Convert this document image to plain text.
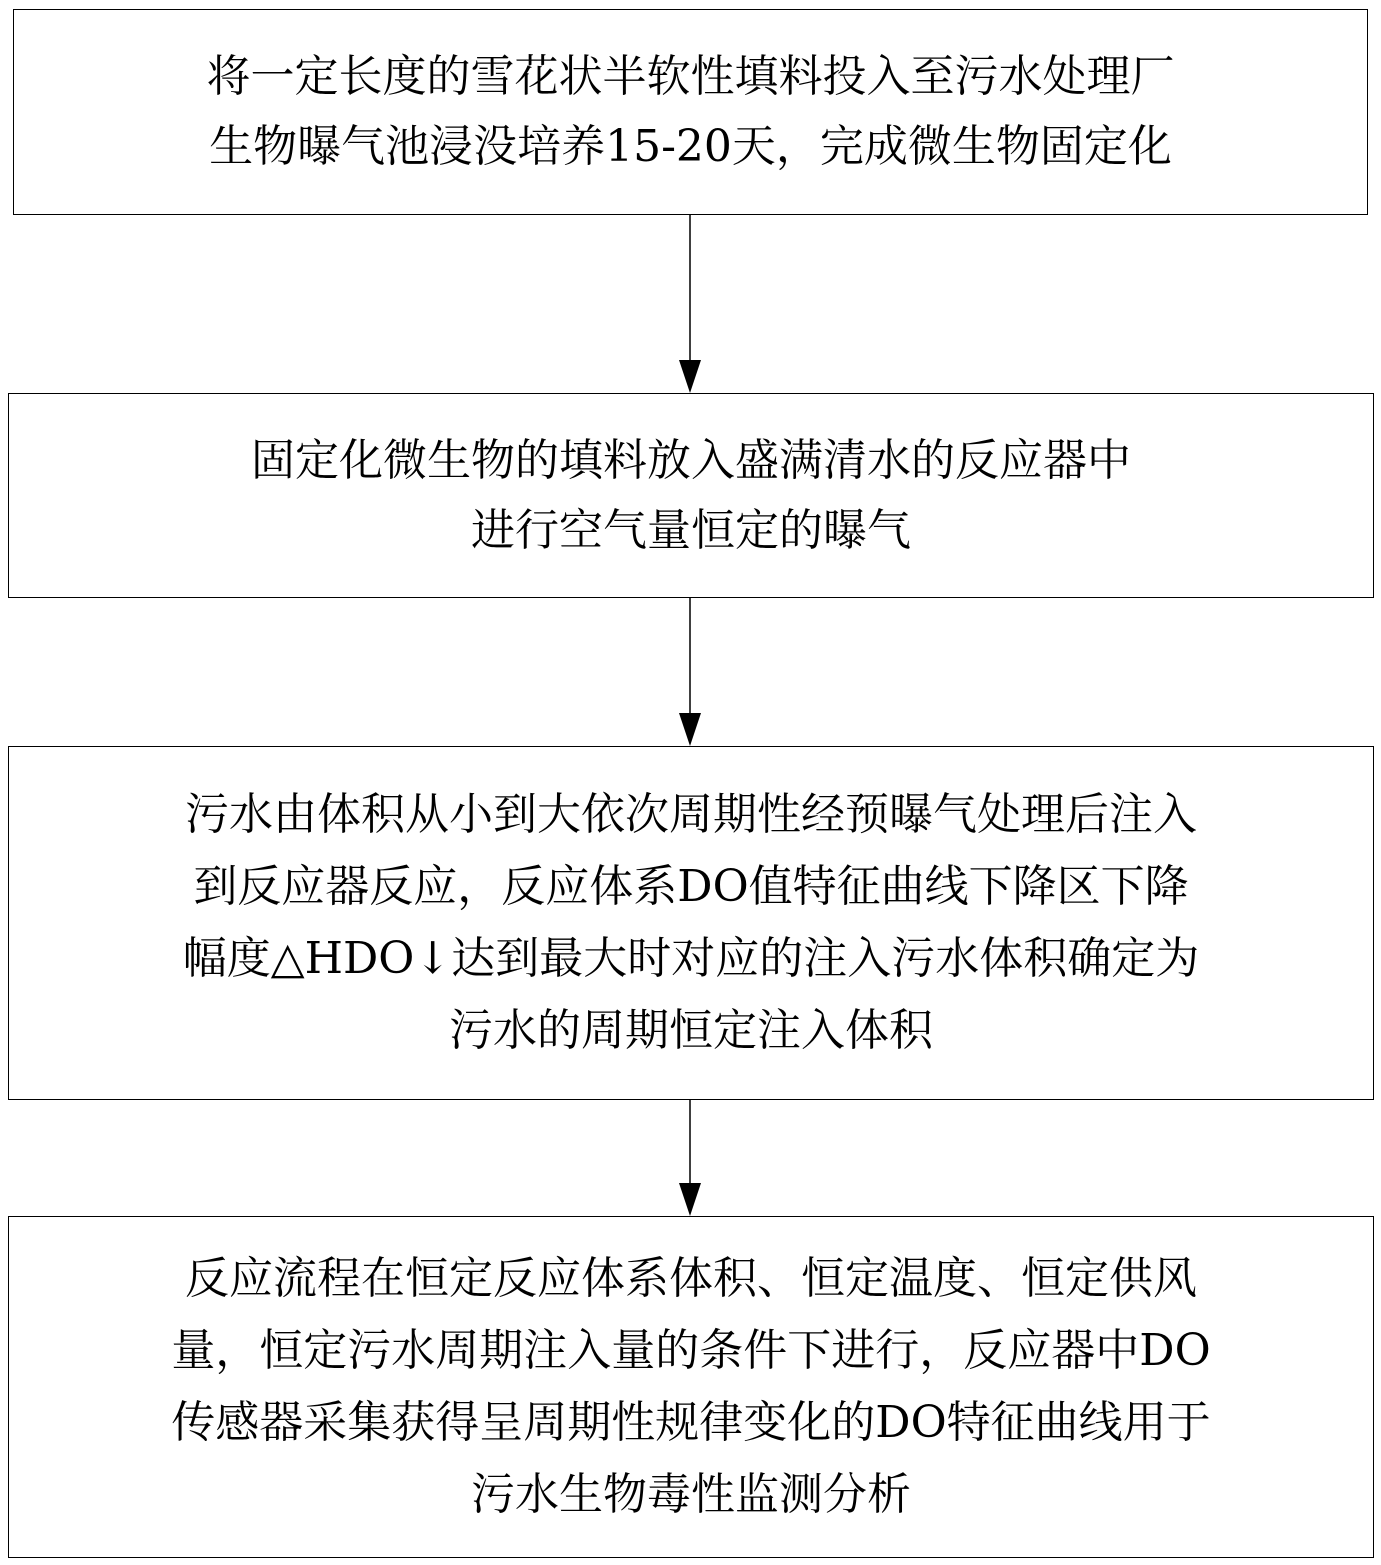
将一定长度的雪花状半软性填料投入至污水处理厂
生物曝气池浸没培养15-20天，完成微生物固定化
固定化微生物的填料放入盛满清水的反应器中
进行空气量恒定的曝气
污水由体积从小到大依次周期性经预曝气处理后注入
到反应器反应，反应体系DO值特征曲线下降区下降
幅度△HDO↓达到最大时对应的注入污水体积确定为
污水的周期恒定注入体积
反应流程在恒定反应体系体积、恒定温度、恒定供风
量，恒定污水周期注入量的条件下进行，反应器中DO
传感器采集获得呈周期性规律变化的DO特征曲线用于
污水生物毒性监测分析
